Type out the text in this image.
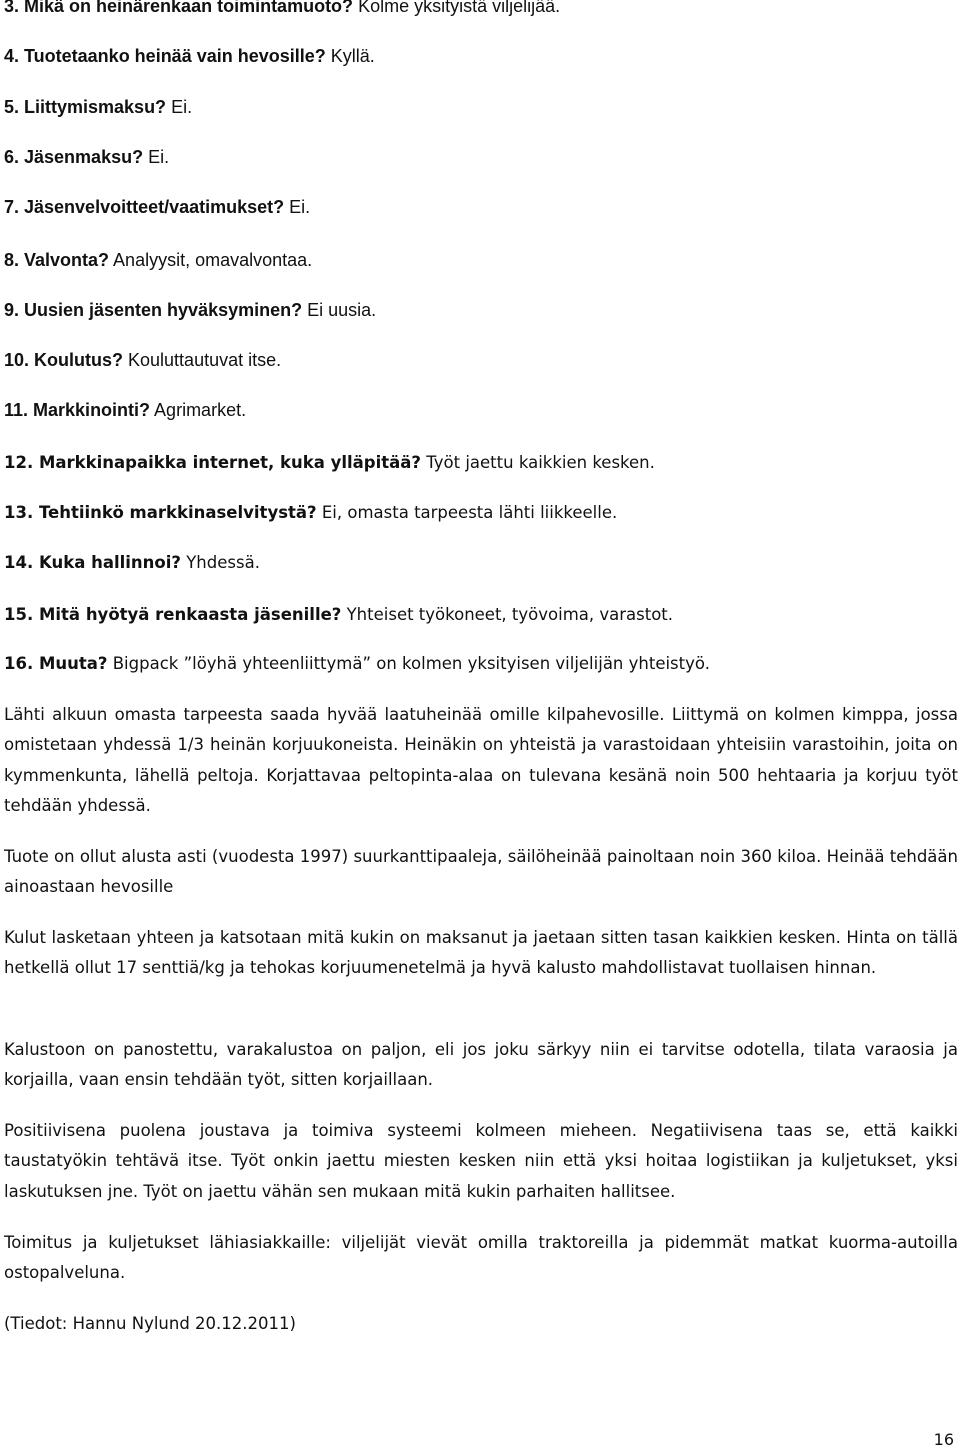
3. Mikä on heinärenkaan toimintamuoto? Kolme yksityistä viljelijää.
4. Tuotetaanko heinää vain hevosille? Kyllä.
5. Liittymismaksu? Ei.
6. Jäsenmaksu? Ei.
7. Jäsenvelvoitteet/vaatimukset? Ei.
8. Valvonta? Analyysit, omavalvontaa.
9. Uusien jäsenten hyväksyminen? Ei uusia.
10. Koulutus? Kouluttautuvat itse.
11. Markkinointi? Agrimarket.
12. Markkinapaikka internet, kuka ylläpitää? Työt jaettu kaikkien kesken.
13. Tehtiinkö markkinaselvitystä? Ei, omasta tarpeesta lähti liikkeelle.
14. Kuka hallinnoi? Yhdessä.
15. Mitä hyötyä renkaasta jäsenille? Yhteiset työkoneet, työvoima, varastot.
16. Muuta? Bigpack ”löyhä yhteenliittymä” on kolmen yksityisen viljelijän yhteistyö.

Lähti alkuun omasta tarpeesta saada hyvää laatuheinää omille kilpahevosille. Liittymä on kolmen kimppa, jossa omistetaan yhdessä 1/3 heinän korjuukoneista. Heinäkin on yhteistä ja varastoidaan yhteisiin varastoihin, joita on kymmenkunta, lähellä peltoja. Korjattavaa peltopinta-alaa on tulevana kesänä noin 500 hehtaaria ja korjuu työt tehdään yhdessä.

Tuote on ollut alusta asti (vuodesta 1997) suurkanttipaaleja, säilöheinää painoltaan noin 360 kiloa. Heinää tehdään ainoastaan hevosille

Kulut lasketaan yhteen ja katsotaan mitä kukin on maksanut ja jaetaan sitten tasan kaikkien kesken. Hinta on tällä hetkellä ollut 17 senttiä/kg ja tehokas korjuumenetelmä ja hyvä kalusto mahdollistavat tuollaisen hinnan.

Kalustoon on panostettu, varakalustoa on paljon, eli jos joku särkyy niin ei tarvitse odotella, tilata varaosia ja korjailla, vaan ensin tehdään työt, sitten korjaillaan.

Positiivisena puolena joustava ja toimiva systeemi kolmeen mieheen. Negatiivisena taas se, että kaikki taustatyökin tehtävä itse. Työt onkin jaettu miesten kesken niin että yksi hoitaa logistiikan ja kuljetukset, yksi laskutuksen jne. Työt on jaettu vähän sen mukaan mitä kukin parhaiten hallitsee.

Toimitus ja kuljetukset lähiasiakkaille: viljelijät vievät omilla traktoreilla ja pidemmät matkat kuorma-autoilla ostopalveluna.

(Tiedot: Hannu Nylund 20.12.2011)

16
